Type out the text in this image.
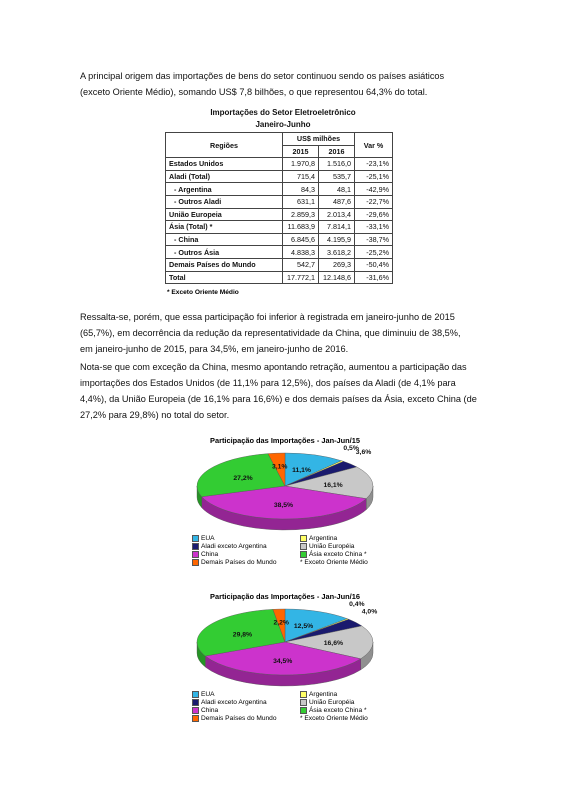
A principal origem das importações de bens do setor continuou sendo os países asiáticos
(exceto Oriente Médio), somando US$ 7,8 bilhões, o que representou 64,3% do total.
Importações do Setor Eletroeletrônico
Janeiro-Junho
Regiões	US$ milhões		Var %
	2015	2016	
Estados Unidos	1.970,8	1.516,0	-23,1%
Aladi (Total)	715,4	535,7	-25,1%
- Argentina	84,3	48,1	-42,9%
- Outros Aladi	631,1	487,6	-22,7%
União Europeia	2.859,3	2.013,4	-29,6%
Ásia (Total) *	11.683,9	7.814,1	-33,1%
- China	6.845,6	4.195,9	-38,7%
- Outros Ásia	4.838,3	3.618,2	-25,2%
Demais Países do Mundo	542,7	269,3	-50,4%
Total	17.772,1	12.148,6	-31,6%
* Exceto Oriente Médio
Ressalta-se, porém, que essa participação foi inferior à registrada em janeiro-junho de 2015
(65,7%), em decorrência da redução da representatividade da China, que diminuiu de 38,5%,
em janeiro-junho de 2015, para 34,5%, em janeiro-junho de 2016.
Nota-se que com exceção da China, mesmo apontando retração, aumentou a participação das
importações dos Estados Unidos (de 11,1% para 12,5%), dos países da Aladi (de 4,1% para
4,4%), da União Europeia (de 16,1% para 16,6%) e dos demais países da Ásia, exceto China (de
27,2% para 29,8%) no total do setor.
Participação das Importações - Jan-Jun/15
11,1%
0,5%
3,6%
16,1%
38,5%
27,2%
3,1%
EUA	Argentina
Aladi exceto Argentina	União Européia
China	Ásia exceto China *
Demais Países do Mundo	* Exceto Oriente Médio
Participação das Importações - Jan-Jun/16
12,5%
0,4%
4,0%
16,6%
34,5%
29,8%
2,2%
EUA	Argentina
Aladi exceto Argentina	União Européia
China	Ásia exceto China *
Demais Países do Mundo	* Exceto Oriente Médio
